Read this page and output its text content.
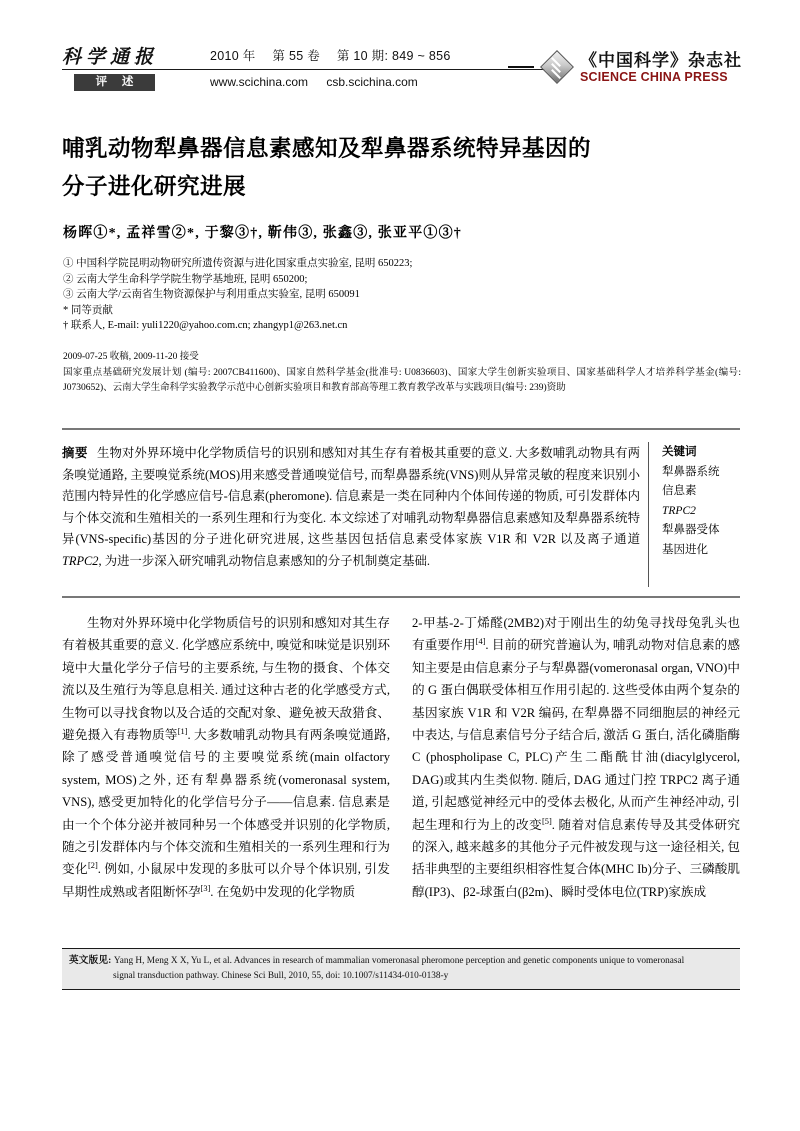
科学通报	2010 年 第 55 卷 第 10 期: 849 ~ 856
评 述	www.scichina.com csb.scichina.com
《中国科学》杂志社
SCIENCE CHINA PRESS
哺乳动物犁鼻器信息素感知及犁鼻器系统特异基因的
分子进化研究进展
杨晖①*, 孟祥雪②*, 于黎③†, 靳伟③, 张鑫③, 张亚平①③†
① 中国科学院昆明动物研究所遗传资源与进化国家重点实验室, 昆明 650223;
② 云南大学生命科学学院生物学基地班, 昆明 650200;
③ 云南大学/云南省生物资源保护与利用重点实验室, 昆明 650091
* 同等贡献
† 联系人, E-mail: yuli1220@yahoo.com.cn; zhangyp1@263.net.cn
2009-07-25 收稿, 2009-11-20 接受
国家重点基础研究发展计划 (编号: 2007CB411600)、国家自然科学基金(批准号: U0836603)、国家大学生创新实验项目、国家基础科学人才培养科学基金(编号: J0730652)、云南大学生命科学实验教学示范中心创新实验项目和教育部高等理工教育教学改革与实践项目(编号: 239)资助
摘要 生物对外界环境中化学物质信号的识别和感知对其生存有着极其重要的意义. 大多数哺乳动物具有两条嗅觉通路, 主要嗅觉系统(MOS)用来感受普通嗅觉信号, 而犁鼻器系统(VNS)则从异常灵敏的程度来识别小范围内特异性的化学感应信号-信息素(pheromone). 信息素是一类在同种内个体间传递的物质, 可引发群体内与个体交流和生殖相关的一系列生理和行为变化. 本文综述了对哺乳动物犁鼻器信息素感知及犁鼻器系统特异(VNS-specific)基因的分子进化研究进展, 这些基因包括信息素受体家族 V1R 和 V2R 以及离子通道 TRPC2, 为进一步深入研究哺乳动物信息素感知的分子机制奠定基础.
关键词
犁鼻器系统
信息素
TRPC2
犁鼻器受体
基因进化

生物对外界环境中化学物质信号的识别和感知对其生存有着极其重要的意义. 化学感应系统中, 嗅觉和味觉是识别环境中大量化学分子信号的主要系统, 与生物的摄食、个体交流以及生殖行为等息息相关. 通过这种古老的化学感受方式, 生物可以寻找食物以及合适的交配对象、避免被天敌猎食、避免摄入有毒物质等[1]. 大多数哺乳动物具有两条嗅觉通路, 除了感受普通嗅觉信号的主要嗅觉系统(main olfactory system, MOS)之外, 还有犁鼻器系统(vomeronasal system, VNS), 感受更加特化的化学信号分子——信息素. 信息素是由一个个体分泌并被同种另一个体感受并识别的化学物质, 随之引发群体内与个体交流和生殖相关的一系列生理和行为变化[2]. 例如, 小鼠尿中发现的多肽可以介导个体识别, 引发早期性成熟或者阻断怀孕[3]. 在兔奶中发现的化学物质

2-甲基-2-丁烯醛(2MB2)对于刚出生的幼兔寻找母兔乳头也有重要作用[4]. 目前的研究普遍认为, 哺乳动物对信息素的感知主要是由信息素分子与犁鼻器(vomeronasal organ, VNO)中的 G 蛋白偶联受体相互作用引起的. 这些受体由两个复杂的基因家族 V1R 和 V2R 编码, 在犁鼻器不同细胞层的神经元中表达, 与信息素信号分子结合后, 激活 G 蛋白, 活化磷脂酶 C (phospholipase C, PLC)产生二酯酰甘油(diacylglycerol, DAG)或其内生类似物. 随后, DAG 通过门控 TRPC2 离子通道, 引起感觉神经元中的受体去极化, 从而产生神经冲动, 引起生理和行为上的改变[5]. 随着对信息素传导及其受体研究的深入, 越来越多的其他分子元件被发现与这一途径相关, 包括非典型的主要组织相容性复合体(MHC Ib)分子、三磷酸肌醇(IP3)、β2-球蛋白(β2m)、瞬时受体电位(TRP)家族成

英文版见: Yang H, Meng X X, Yu L, et al. Advances in research of mammalian vomeronasal pheromone perception and genetic components unique to vomeronasal
signal transduction pathway. Chinese Sci Bull, 2010, 55, doi: 10.1007/s11434-010-0138-y
